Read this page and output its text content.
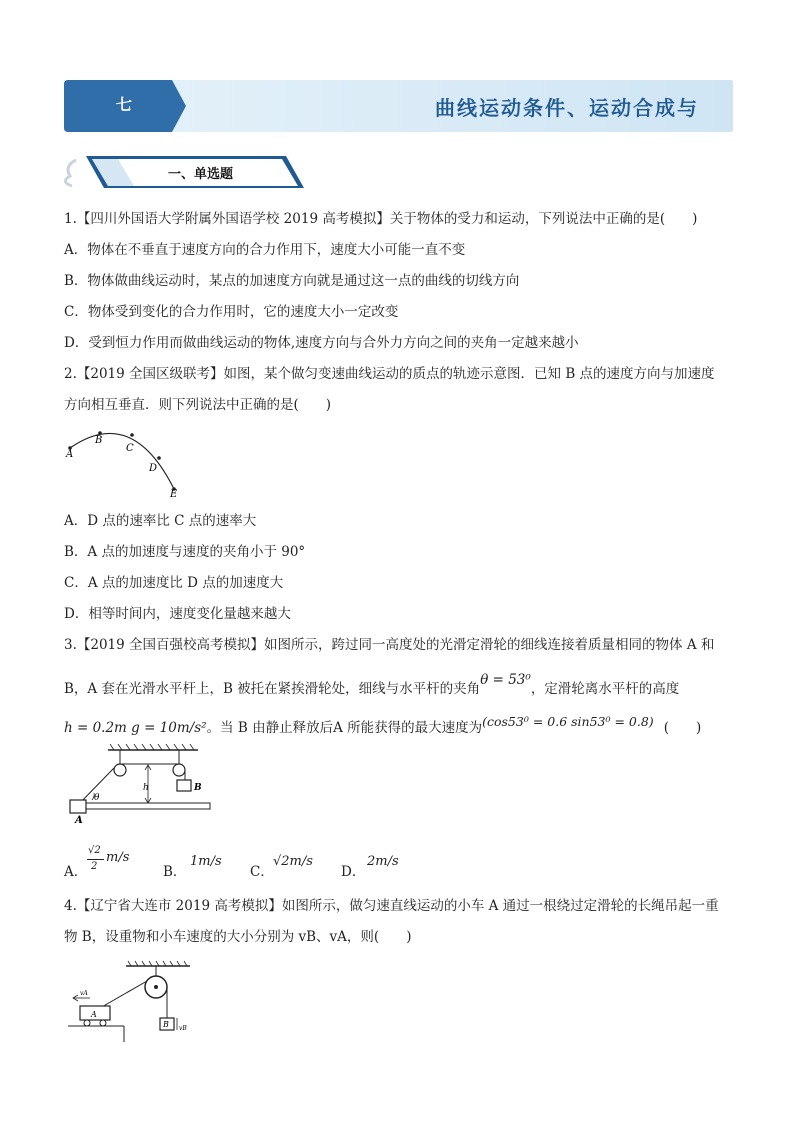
七	曲线运动条件、运动合成与
一、单选题
1.【四川外国语大学附属外国语学校 2019 高考模拟】关于物体的受力和运动，下列说法中正确的是(　　)
A．物体在不垂直于速度方向的合力作用下，速度大小可能一直不变
B．物体做曲线运动时，某点的加速度方向就是通过这一点的曲线的切线方向
C．物体受到变化的合力作用时，它的速度大小一定改变
D．受到恒力作用而做曲线运动的物体,速度方向与合外力方向之间的夹角一定越来越小
2.【2019 全国区级联考】如图，某个做匀变速曲线运动的质点的轨迹示意图．已知 B 点的速度方向与加速度
方向相互垂直．则下列说法中正确的是(　　)
A
B
C
D
E
A．D 点的速率比 C 点的速率大
B．A 点的加速度与速度的夹角小于 90°
C．A 点的加速度比 D 点的加速度大
D．相等时间内，速度变化量越来越大
3.【2019 全国百强校高考模拟】如图所示，跨过同一高度处的光滑定滑轮的细线连接着质量相同的物体 A 和
B，A 套在光滑水平杆上，B 被托在紧挨滑轮处，细线与水平杆的夹角θ = 53⁰，定滑轮离水平杆的高度
h = 0.2m g = 10m/s²。当 B 由静止释放后A 所能获得的最大速度为(cos53⁰ = 0.6 sin53⁰ = 0.8) (　　)
B
h
θ
A
A．
√2
2
m/s
B．
1m/s
C．
√2m/s
D．
2m/s
4.【辽宁省大连市 2019 高考模拟】如图所示，做匀速直线运动的小车 A 通过一根绕过定滑轮的长绳吊起一重
物 B，设重物和小车速度的大小分别为 vB、vA，则(　　)
B vB
vA
A
